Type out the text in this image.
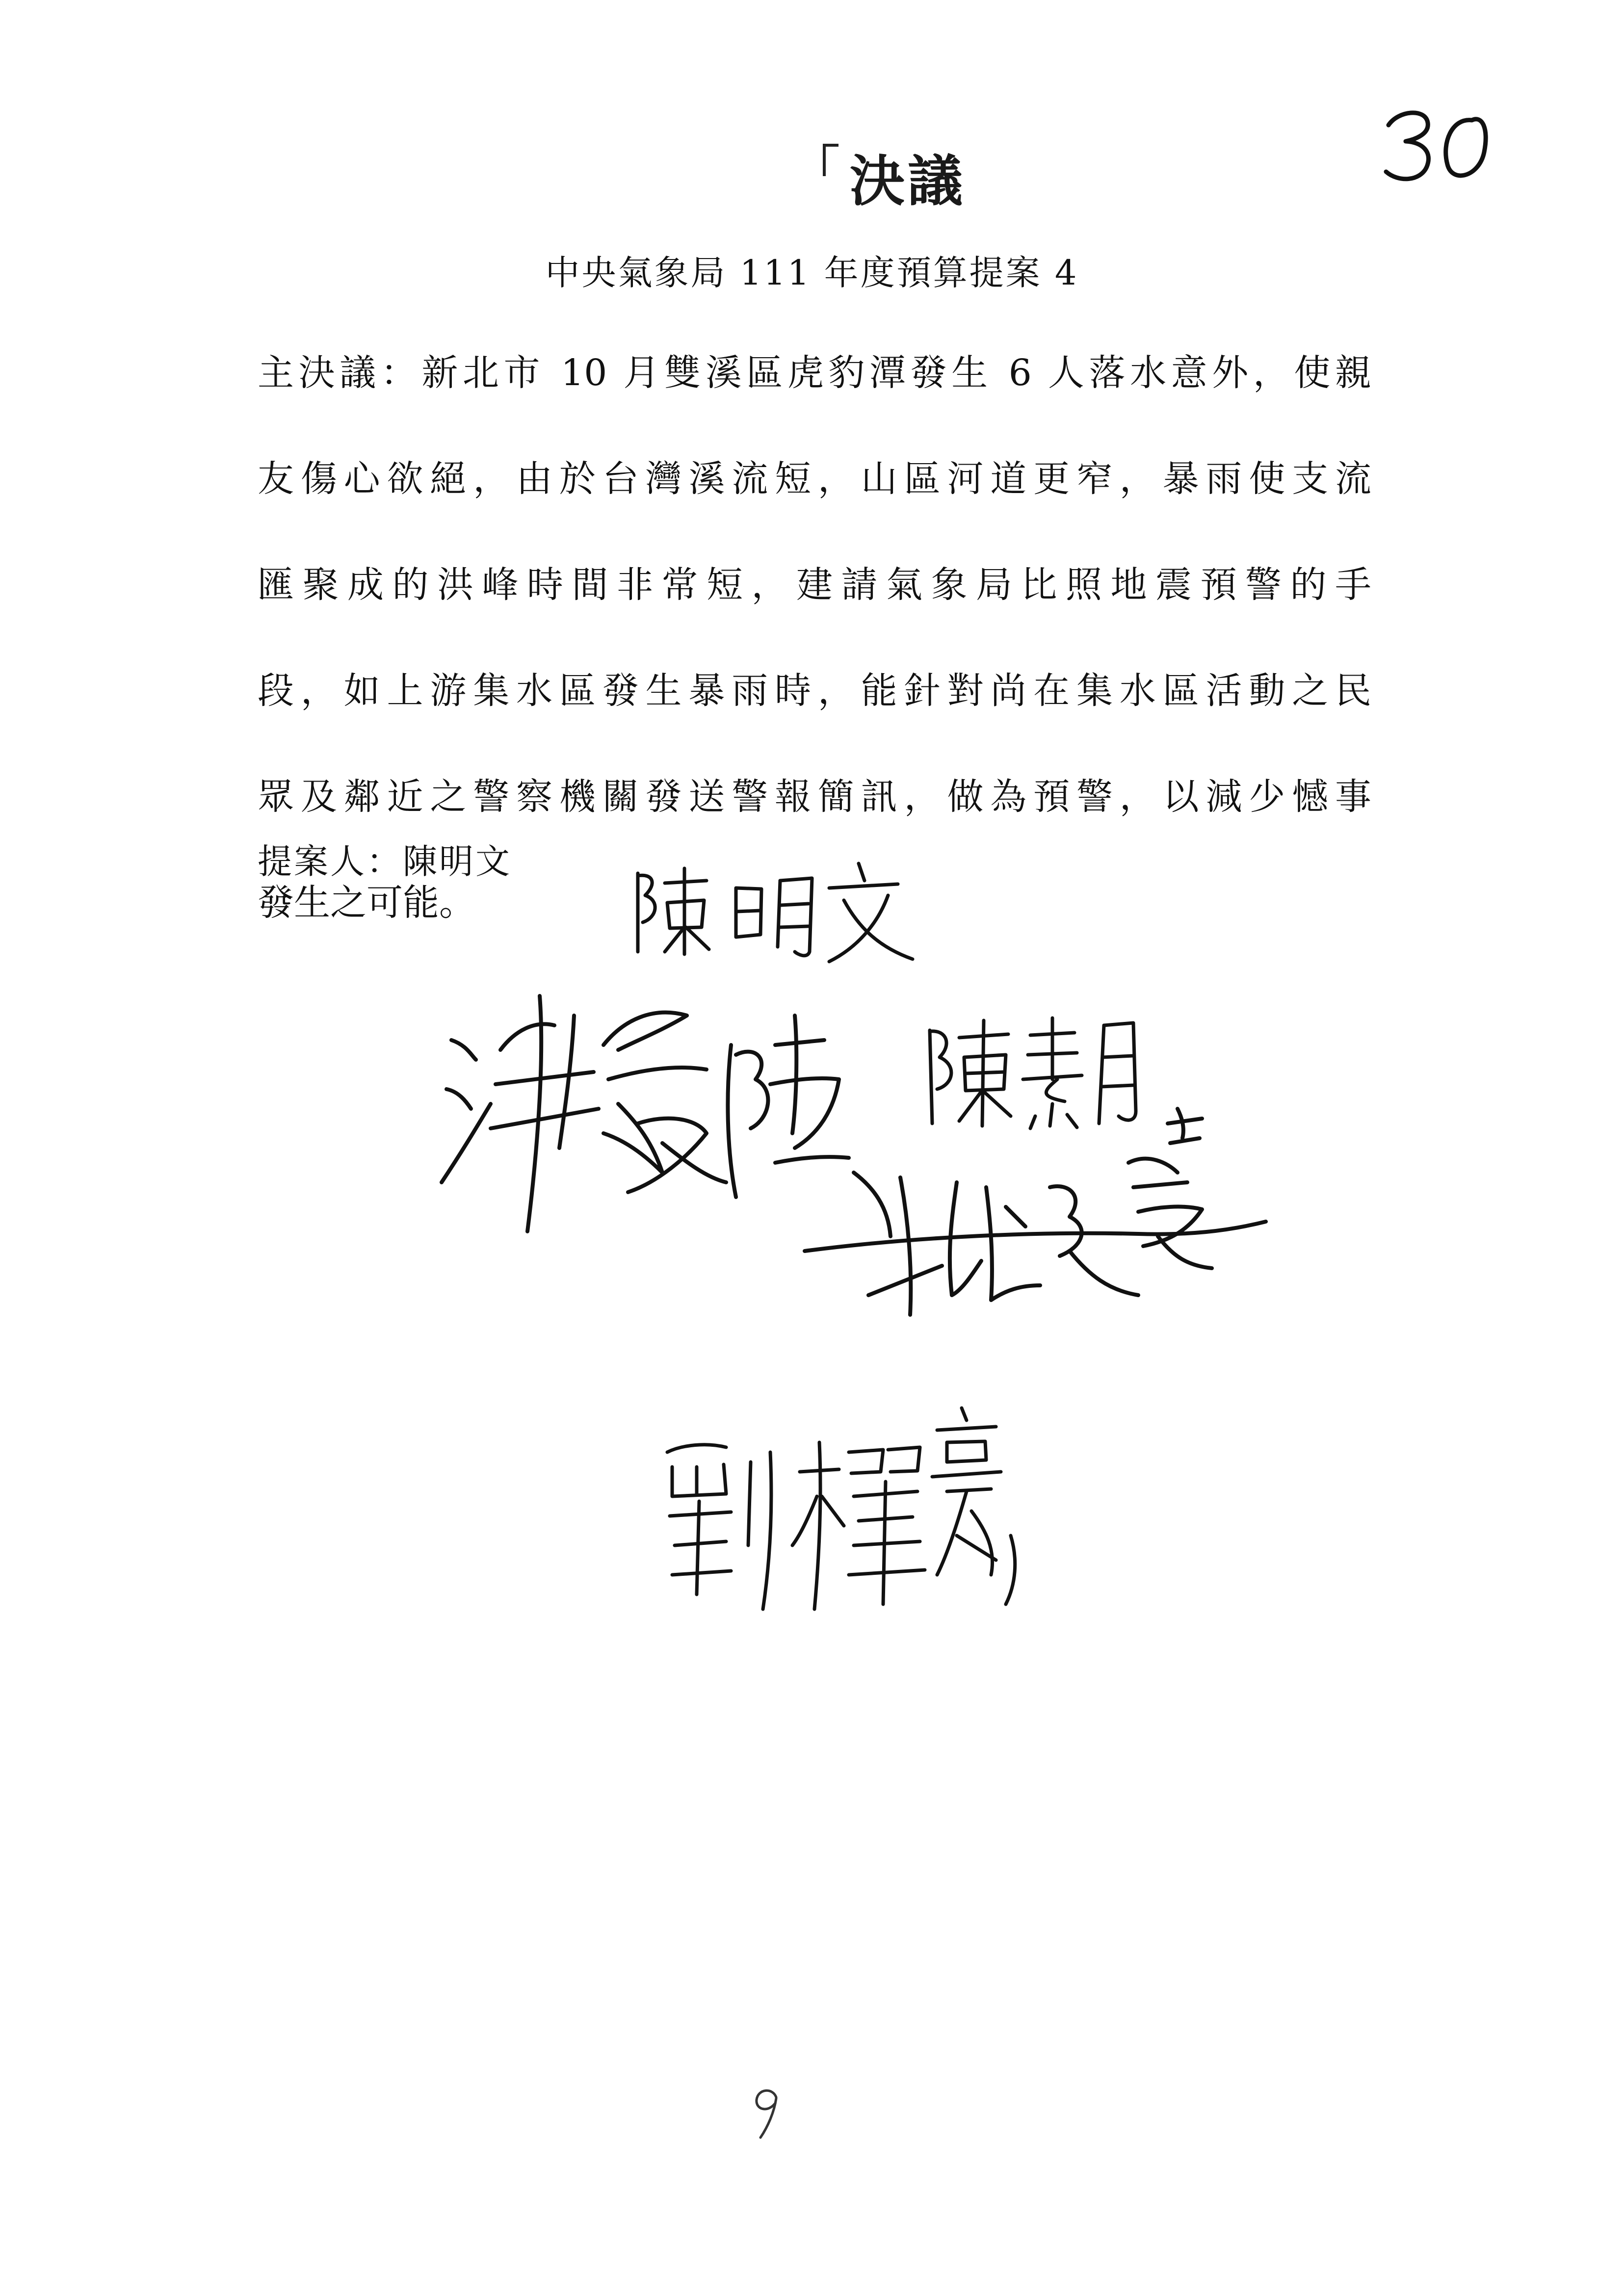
決議
中央氣象局 111 年度預算提案 4
主決議：新北市 10 月雙溪區虎豹潭發生 6 人落水意外，使親
友傷心欲絕，由於台灣溪流短，山區河道更窄，暴雨使支流
匯聚成的洪峰時間非常短，建請氣象局比照地震預警的手
段，如上游集水區發生暴雨時，能針對尚在集水區活動之民
眾及鄰近之警察機關發送警報簡訊，做為預警，以減少憾事
發生之可能。
提案人：陳明文
